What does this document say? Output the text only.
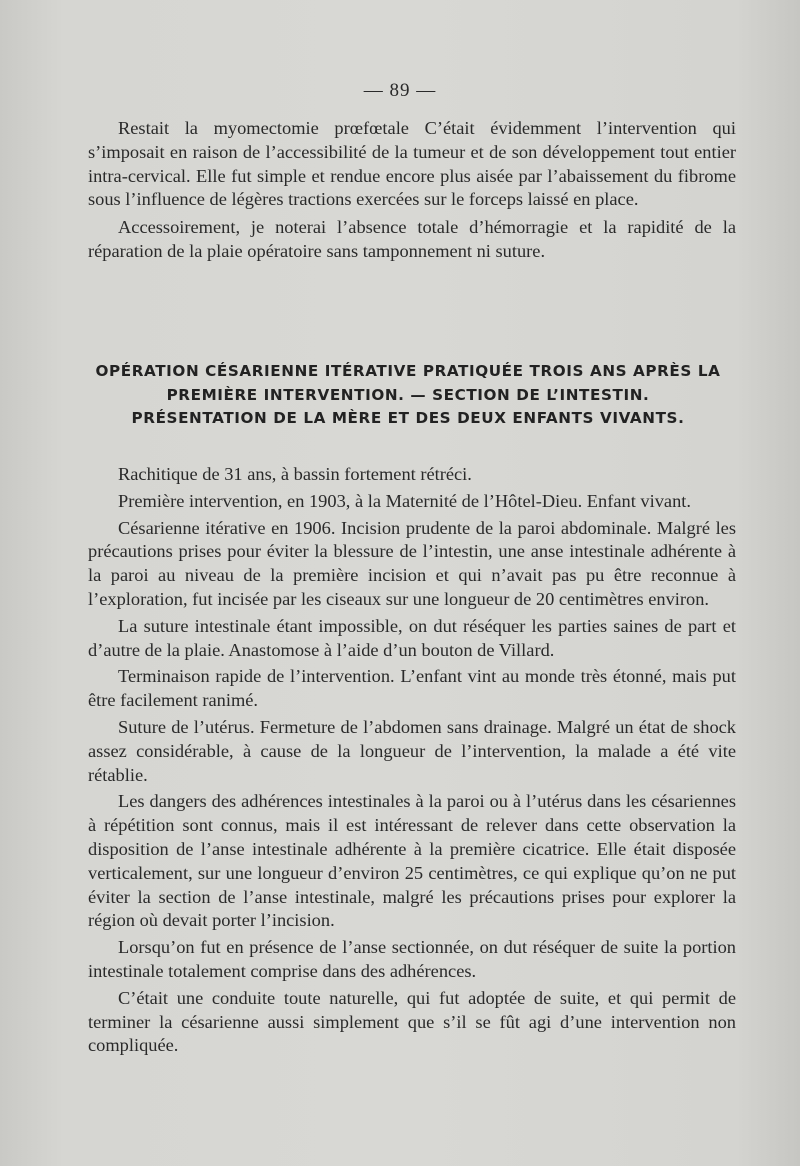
— 89 —

Restait la myomectomie prœfœtale C’était évidemment l’intervention qui s’imposait en raison de l’accessibilité de la tumeur et de son développement tout entier intra-cervical. Elle fut simple et rendue encore plus aisée par l’abaissement du fibrome sous l’influence de légères tractions exercées sur le forceps laissé en place.

Accessoirement, je noterai l’absence totale d’hémorragie et la rapidité de la réparation de la plaie opératoire sans tamponnement ni suture.

OPÉRATION CÉSARIENNE ITÉRATIVE PRATIQUÉE TROIS ANS APRÈS LA
PREMIÈRE INTERVENTION. — SECTION DE L’INTESTIN.
PRÉSENTATION DE LA MÈRE ET DES DEUX ENFANTS VIVANTS.

Rachitique de 31 ans, à bassin fortement rétréci.

Première intervention, en 1903, à la Maternité de l’Hôtel-Dieu. Enfant vivant.

Césarienne itérative en 1906. Incision prudente de la paroi abdominale. Malgré les précautions prises pour éviter la blessure de l’intestin, une anse intestinale adhérente à la paroi au niveau de la première incision et qui n’avait pas pu être reconnue à l’exploration, fut incisée par les ciseaux sur une longueur de 20 centimètres environ.

La suture intestinale étant impossible, on dut réséquer les parties saines de part et d’autre de la plaie. Anastomose à l’aide d’un bouton de Villard.

Terminaison rapide de l’intervention. L’enfant vint au monde très étonné, mais put être facilement ranimé.

Suture de l’utérus. Fermeture de l’abdomen sans drainage. Malgré un état de shock assez considérable, à cause de la longueur de l’intervention, la malade a été vite rétablie.

Les dangers des adhérences intestinales à la paroi ou à l’utérus dans les césariennes à répétition sont connus, mais il est intéressant de relever dans cette observation la disposition de l’anse intestinale adhérente à la première cicatrice. Elle était disposée verticalement, sur une longueur d’environ 25 centimètres, ce qui explique qu’on ne put éviter la section de l’anse intestinale, malgré les précautions prises pour explorer la région où devait porter l’incision.

Lorsqu’on fut en présence de l’anse sectionnée, on dut réséquer de suite la portion intestinale totalement comprise dans des adhérences.

C’était une conduite toute naturelle, qui fut adoptée de suite, et qui permit de terminer la césarienne aussi simplement que s’il se fût agi d’une intervention non compliquée.
